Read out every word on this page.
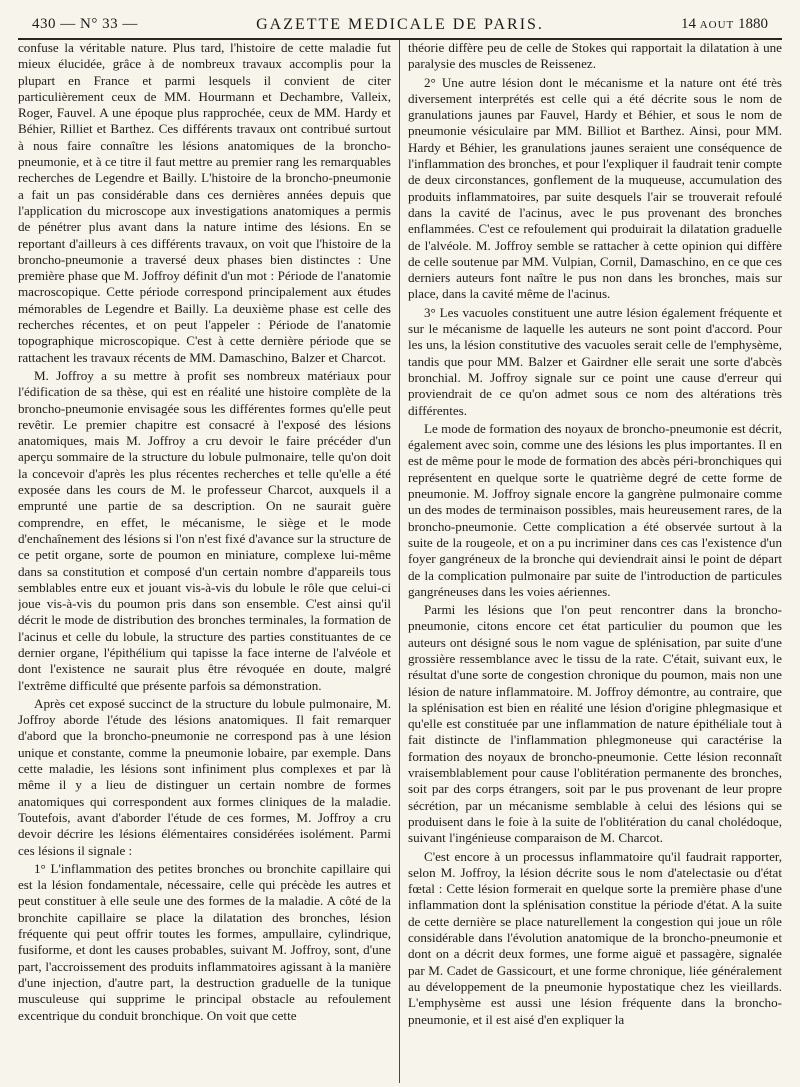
430 — N° 33 —	GAZETTE MEDICALE DE PARIS.	14 AOUT 1880

confuse la véritable nature. Plus tard, l'histoire de cette maladie fut mieux élucidée, grâce à de nombreux travaux accomplis pour la plupart en France et parmi lesquels il convient de citer particulièrement ceux de MM. Hourmann et Dechambre, Valleix, Roger, Fauvel. A une époque plus rapprochée, ceux de MM. Hardy et Béhier, Rilliet et Barthez. Ces différents travaux ont contribué surtout à nous faire connaître les lésions anatomiques de la broncho-pneumonie, et à ce titre il faut mettre au premier rang les remarquables recherches de Legendre et Bailly. L'histoire de la broncho-pneumonie a fait un pas considérable dans ces dernières années depuis que l'application du microscope aux investigations anatomiques a permis de pénétrer plus avant dans la nature intime des lésions. En se reportant d'ailleurs à ces différents travaux, on voit que l'histoire de la broncho-pneumonie a traversé deux phases bien distinctes : Une première phase que M. Joffroy définit d'un mot : Période de l'anatomie macroscopique. Cette période correspond principalement aux études mémorables de Legendre et Bailly. La deuxième phase est celle des recherches récentes, et on peut l'appeler : Période de l'anatomie topographique microscopique. C'est à cette dernière période que se rattachent les travaux récents de MM. Damaschino, Balzer et Charcot.

M. Joffroy a su mettre à profit ses nombreux matériaux pour l'édification de sa thèse, qui est en réalité une histoire complète de la broncho-pneumonie envisagée sous les différentes formes qu'elle peut revêtir. Le premier chapitre est consacré à l'exposé des lésions anatomiques, mais M. Joffroy a cru devoir le faire précéder d'un aperçu sommaire de la structure du lobule pulmonaire, telle qu'on doit la concevoir d'après les plus récentes recherches et telle qu'elle a été exposée dans les cours de M. le professeur Charcot, auxquels il a emprunté une partie de sa description. On ne saurait guère comprendre, en effet, le mécanisme, le siège et le mode d'enchaînement des lésions si l'on n'est fixé d'avance sur la structure de ce petit organe, sorte de poumon en miniature, complexe lui-même dans sa constitution et composé d'un certain nombre d'appareils tous semblables entre eux et jouant vis-à-vis du lobule le rôle que celui-ci joue vis-à-vis du poumon pris dans son ensemble. C'est ainsi qu'il décrit le mode de distribution des bronches terminales, la formation de l'acinus et celle du lobule, la structure des parties constituantes de ce dernier organe, l'épithélium qui tapisse la face interne de l'alvéole et dont l'existence ne saurait plus être révoquée en doute, malgré l'extrême difficulté que présente parfois sa démonstration.

Après cet exposé succinct de la structure du lobule pulmonaire, M. Joffroy aborde l'étude des lésions anatomiques. Il fait remarquer d'abord que la broncho-pneumonie ne correspond pas à une lésion unique et constante, comme la pneumonie lobaire, par exemple. Dans cette maladie, les lésions sont infiniment plus complexes et par là même il y a lieu de distinguer un certain nombre de formes anatomiques qui correspondent aux formes cliniques de la maladie. Toutefois, avant d'aborder l'étude de ces formes, M. Joffroy a cru devoir décrire les lésions élémentaires considérées isolément. Parmi ces lésions il signale :

1° L'inflammation des petites bronches ou bronchite capillaire qui est la lésion fondamentale, nécessaire, celle qui précède les autres et peut constituer à elle seule une des formes de la maladie. A côté de la bronchite capillaire se place la dilatation des bronches, lésion fréquente qui peut offrir toutes les formes, ampullaire, cylindrique, fusiforme, et dont les causes probables, suivant M. Joffroy, sont, d'une part, l'accroissement des produits inflammatoires agissant à la manière d'une injection, d'autre part, la destruction graduelle de la tunique musculeuse qui supprime le principal obstacle au refoulement excentrique du conduit bronchique. On voit que cette

théorie diffère peu de celle de Stokes qui rapportait la dilatation à une paralysie des muscles de Reissenez.

2° Une autre lésion dont le mécanisme et la nature ont été très diversement interprétés est celle qui a été décrite sous le nom de granulations jaunes par Fauvel, Hardy et Béhier, et sous le nom de pneumonie vésiculaire par MM. Billiot et Barthez. Ainsi, pour MM. Hardy et Béhier, les granulations jaunes seraient une conséquence de l'inflammation des bronches, et pour l'expliquer il faudrait tenir compte de deux circonstances, gonflement de la muqueuse, accumulation des produits inflammatoires, par suite desquels l'air se trouverait refoulé dans la cavité de l'acinus, avec le pus provenant des bronches enflammées. C'est ce refoulement qui produirait la dilatation graduelle de l'alvéole. M. Joffroy semble se rattacher à cette opinion qui diffère de celle soutenue par MM. Vulpian, Cornil, Damaschino, en ce que ces derniers auteurs font naître le pus non dans les bronches, mais sur place, dans la cavité même de l'acinus.

3° Les vacuoles constituent une autre lésion également fréquente et sur le mécanisme de laquelle les auteurs ne sont point d'accord. Pour les uns, la lésion constitutive des vacuoles serait celle de l'emphysème, tandis que pour MM. Balzer et Gairdner elle serait une sorte d'abcès bronchial. M. Joffroy signale sur ce point une cause d'erreur qui proviendrait de ce qu'on admet sous ce nom des altérations très différentes.

Le mode de formation des noyaux de broncho-pneumonie est décrit, également avec soin, comme une des lésions les plus importantes. Il en est de même pour le mode de formation des abcès péri-bronchiques qui représentent en quelque sorte le quatrième degré de cette forme de pneumonie. M. Joffroy signale encore la gangrène pulmonaire comme un des modes de terminaison possibles, mais heureusement rares, de la broncho-pneumonie. Cette complication a été observée surtout à la suite de la rougeole, et on a pu incriminer dans ces cas l'existence d'un foyer gangréneux de la bronche qui deviendrait ainsi le point de départ de la complication pulmonaire par suite de l'introduction de particules gangréneuses dans les voies aériennes.

Parmi les lésions que l'on peut rencontrer dans la broncho-pneumonie, citons encore cet état particulier du poumon que les auteurs ont désigné sous le nom vague de splénisation, par suite d'une grossière ressemblance avec le tissu de la rate. C'était, suivant eux, le résultat d'une sorte de congestion chronique du poumon, mais non une lésion de nature inflammatoire. M. Joffroy démontre, au contraire, que la splénisation est bien en réalité une lésion d'origine phlegmasique et qu'elle est constituée par une inflammation de nature épithéliale tout à fait distincte de l'inflammation phlegmoneuse qui caractérise la formation des noyaux de broncho-pneumonie. Cette lésion reconnaît vraisemblablement pour cause l'oblitération permanente des bronches, soit par des corps étrangers, soit par le pus provenant de leur propre sécrétion, par un mécanisme semblable à celui des lésions qui se produisent dans le foie à la suite de l'oblitération du canal cholédoque, suivant l'ingénieuse comparaison de M. Charcot.

C'est encore à un processus inflammatoire qu'il faudrait rapporter, selon M. Joffroy, la lésion décrite sous le nom d'atelectasie ou d'état fœtal : Cette lésion formerait en quelque sorte la première phase d'une inflammation dont la splénisation constitue la période d'état. A la suite de cette dernière se place naturellement la congestion qui joue un rôle considérable dans l'évolution anatomique de la broncho-pneumonie et dont on a décrit deux formes, une forme aiguë et passagère, signalée par M. Cadet de Gassicourt, et une forme chronique, liée généralement au développement de la pneumonie hypostatique chez les vieillards. L'emphysème est aussi une lésion fréquente dans la broncho-pneumonie, et il est aisé d'en expliquer la
